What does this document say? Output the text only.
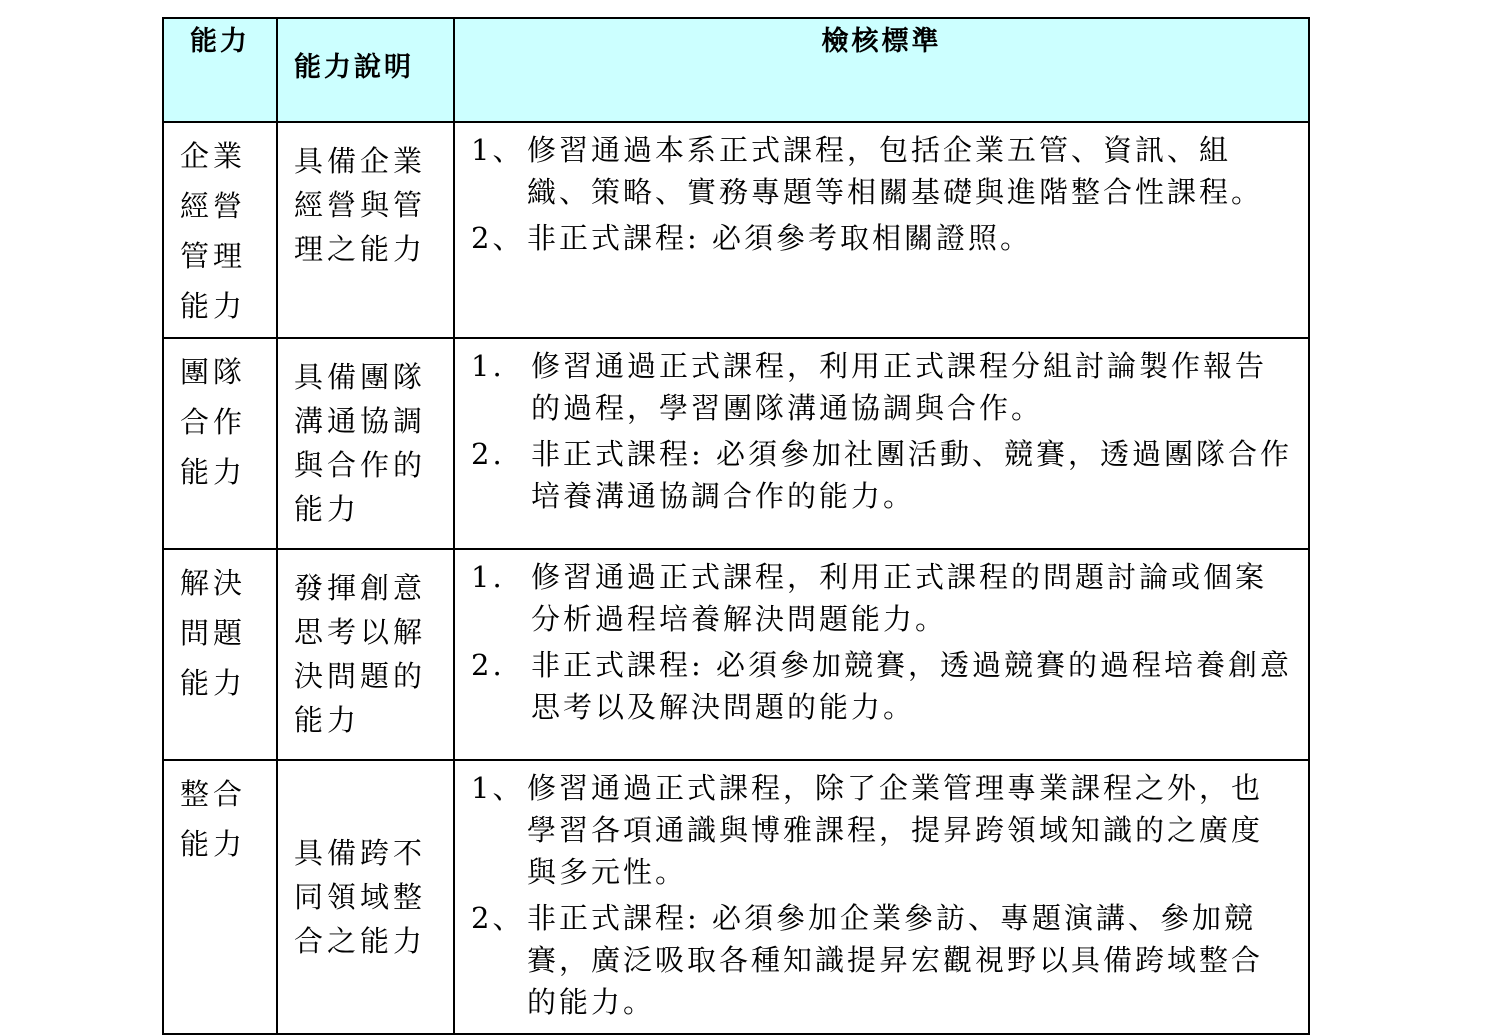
能力	能力說明	檢核標準
企業經營管理能力	具備企業經營與管理之能力	1、 修習通過本系正式課程，包括企業五管、資訊、組織、策略、實務專題等相關基礎與進階整合性課程。
2、 非正式課程: 必須參考取相關證照。

團隊合作能力	具備團隊溝通協調與合作的能力	1. 修習通過正式課程，利用正式課程分組討論製作報告的過程，學習團隊溝通協調與合作。
2. 非正式課程: 必須參加社團活動、競賽，透過團隊合作培養溝通協調合作的能力。

解決問題能力	發揮創意思考以解決問題的能力	1. 修習通過正式課程，利用正式課程的問題討論或個案分析過程培養解決問題能力。
2. 非正式課程: 必須參加競賽，透過競賽的過程培養創意思考以及解決問題的能力。

整合能力	具備跨不同領域整合之能力	1、 修習通過正式課程，除了企業管理專業課程之外，也學習各項通識與博雅課程，提昇跨領域知識的之廣度與多元性。
2、 非正式課程: 必須參加企業參訪、專題演講、參加競賽，廣泛吸取各種知識提昇宏觀視野以具備跨域整合的能力。
